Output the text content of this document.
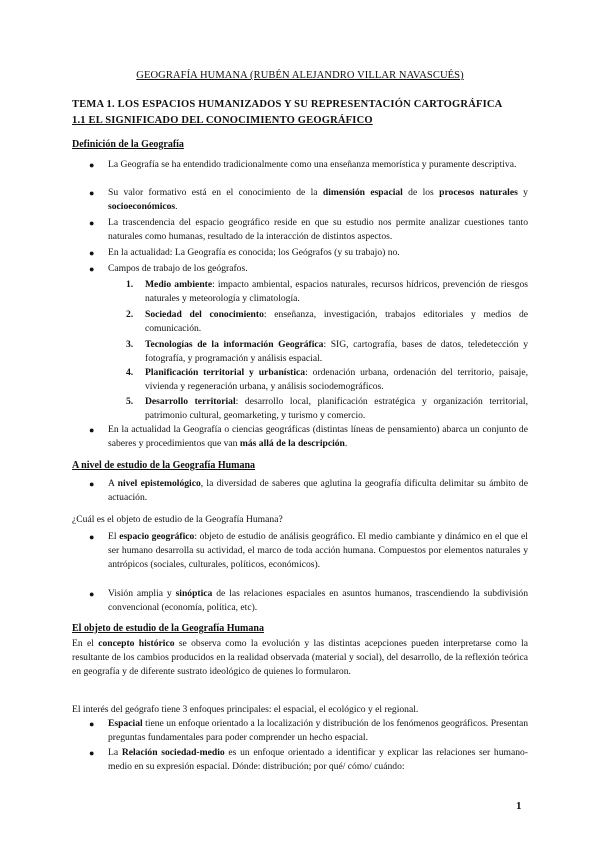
GEOGRAFÍA HUMANA (RUBÉN ALEJANDRO VILLAR NAVASCUÉS)
TEMA 1. LOS ESPACIOS HUMANIZADOS Y SU REPRESENTACIÓN CARTOGRÁFICA
1.1 EL SIGNIFICADO DEL CONOCIMIENTO GEOGRÁFICO
Definición de la Geografía
●	La Geografía se ha entendido tradicionalmente como una enseñanza memorística y puramente descriptiva.
●	Su valor formativo está en el conocimiento de la dimensión espacial de los procesos naturales y socioeconómicos.
●	La trascendencia del espacio geográfico reside en que su estudio nos permite analizar cuestiones tanto naturales como humanas, resultado de la interacción de distintos aspectos.
●	En la actualidad: La Geografía es conocida; los Geógrafos (y su trabajo) no.
●	Campos de trabajo de los geógrafos.
1.	Medio ambiente: impacto ambiental, espacios naturales, recursos hídricos, prevención de riesgos naturales y meteorología y climatología.
2.	Sociedad del conocimiento: enseñanza, investigación, trabajos editoriales y medios de comunicación.
3.	Tecnologías de la información Geográfica: SIG, cartografía, bases de datos, teledetección y fotografía, y programación y análisis espacial.
4.	Planificación territorial y urbanística: ordenación urbana, ordenación del territorio, paisaje, vivienda y regeneración urbana, y análisis sociodemográficos.
5.	Desarrollo territorial: desarrollo local, planificación estratégica y organización territorial, patrimonio cultural, geomarketing, y turismo y comercio.
●	En la actualidad la Geografía o ciencias geográficas (distintas líneas de pensamiento) abarca un conjunto de saberes y procedimientos que van más allá de la descripción.
A nivel de estudio de la Geografía Humana
●	A nivel epistemológico, la diversidad de saberes que aglutina la geografía dificulta delimitar su ámbito de actuación.
¿Cuál es el objeto de estudio de la Geografía Humana?
●	El espacio geográfico: objeto de estudio de análisis geográfico. El medio cambiante y dinámico en el que el ser humano desarrolla su actividad, el marco de toda acción humana. Compuestos por elementos naturales y antrópicos (sociales, culturales, políticos, económicos).
●	Visión amplia y sinóptica de las relaciones espaciales en asuntos humanos, trascendiendo la subdivisión convencional (economía, política, etc).
El objeto de estudio de la Geografía Humana
En el concepto histórico se observa como la evolución y las distintas acepciones pueden interpretarse como la resultante de los cambios producidos en la realidad observada (material y social), del desarrollo, de la reflexión teórica en geografía y de diferente sustrato ideológico de quienes lo formularon.
El interés del geógrafo tiene 3 enfoques principales: el espacial, el ecológico y el regional.
●	Espacial tiene un enfoque orientado a la localización y distribución de los fenómenos geográficos. Presentan preguntas fundamentales para poder comprender un hecho espacial.
●	La Relación sociedad-medio es un enfoque orientado a identificar y explicar las relaciones ser humano-medio en su expresión espacial. Dónde: distribución; por qué/ cómo/ cuándo:
1
